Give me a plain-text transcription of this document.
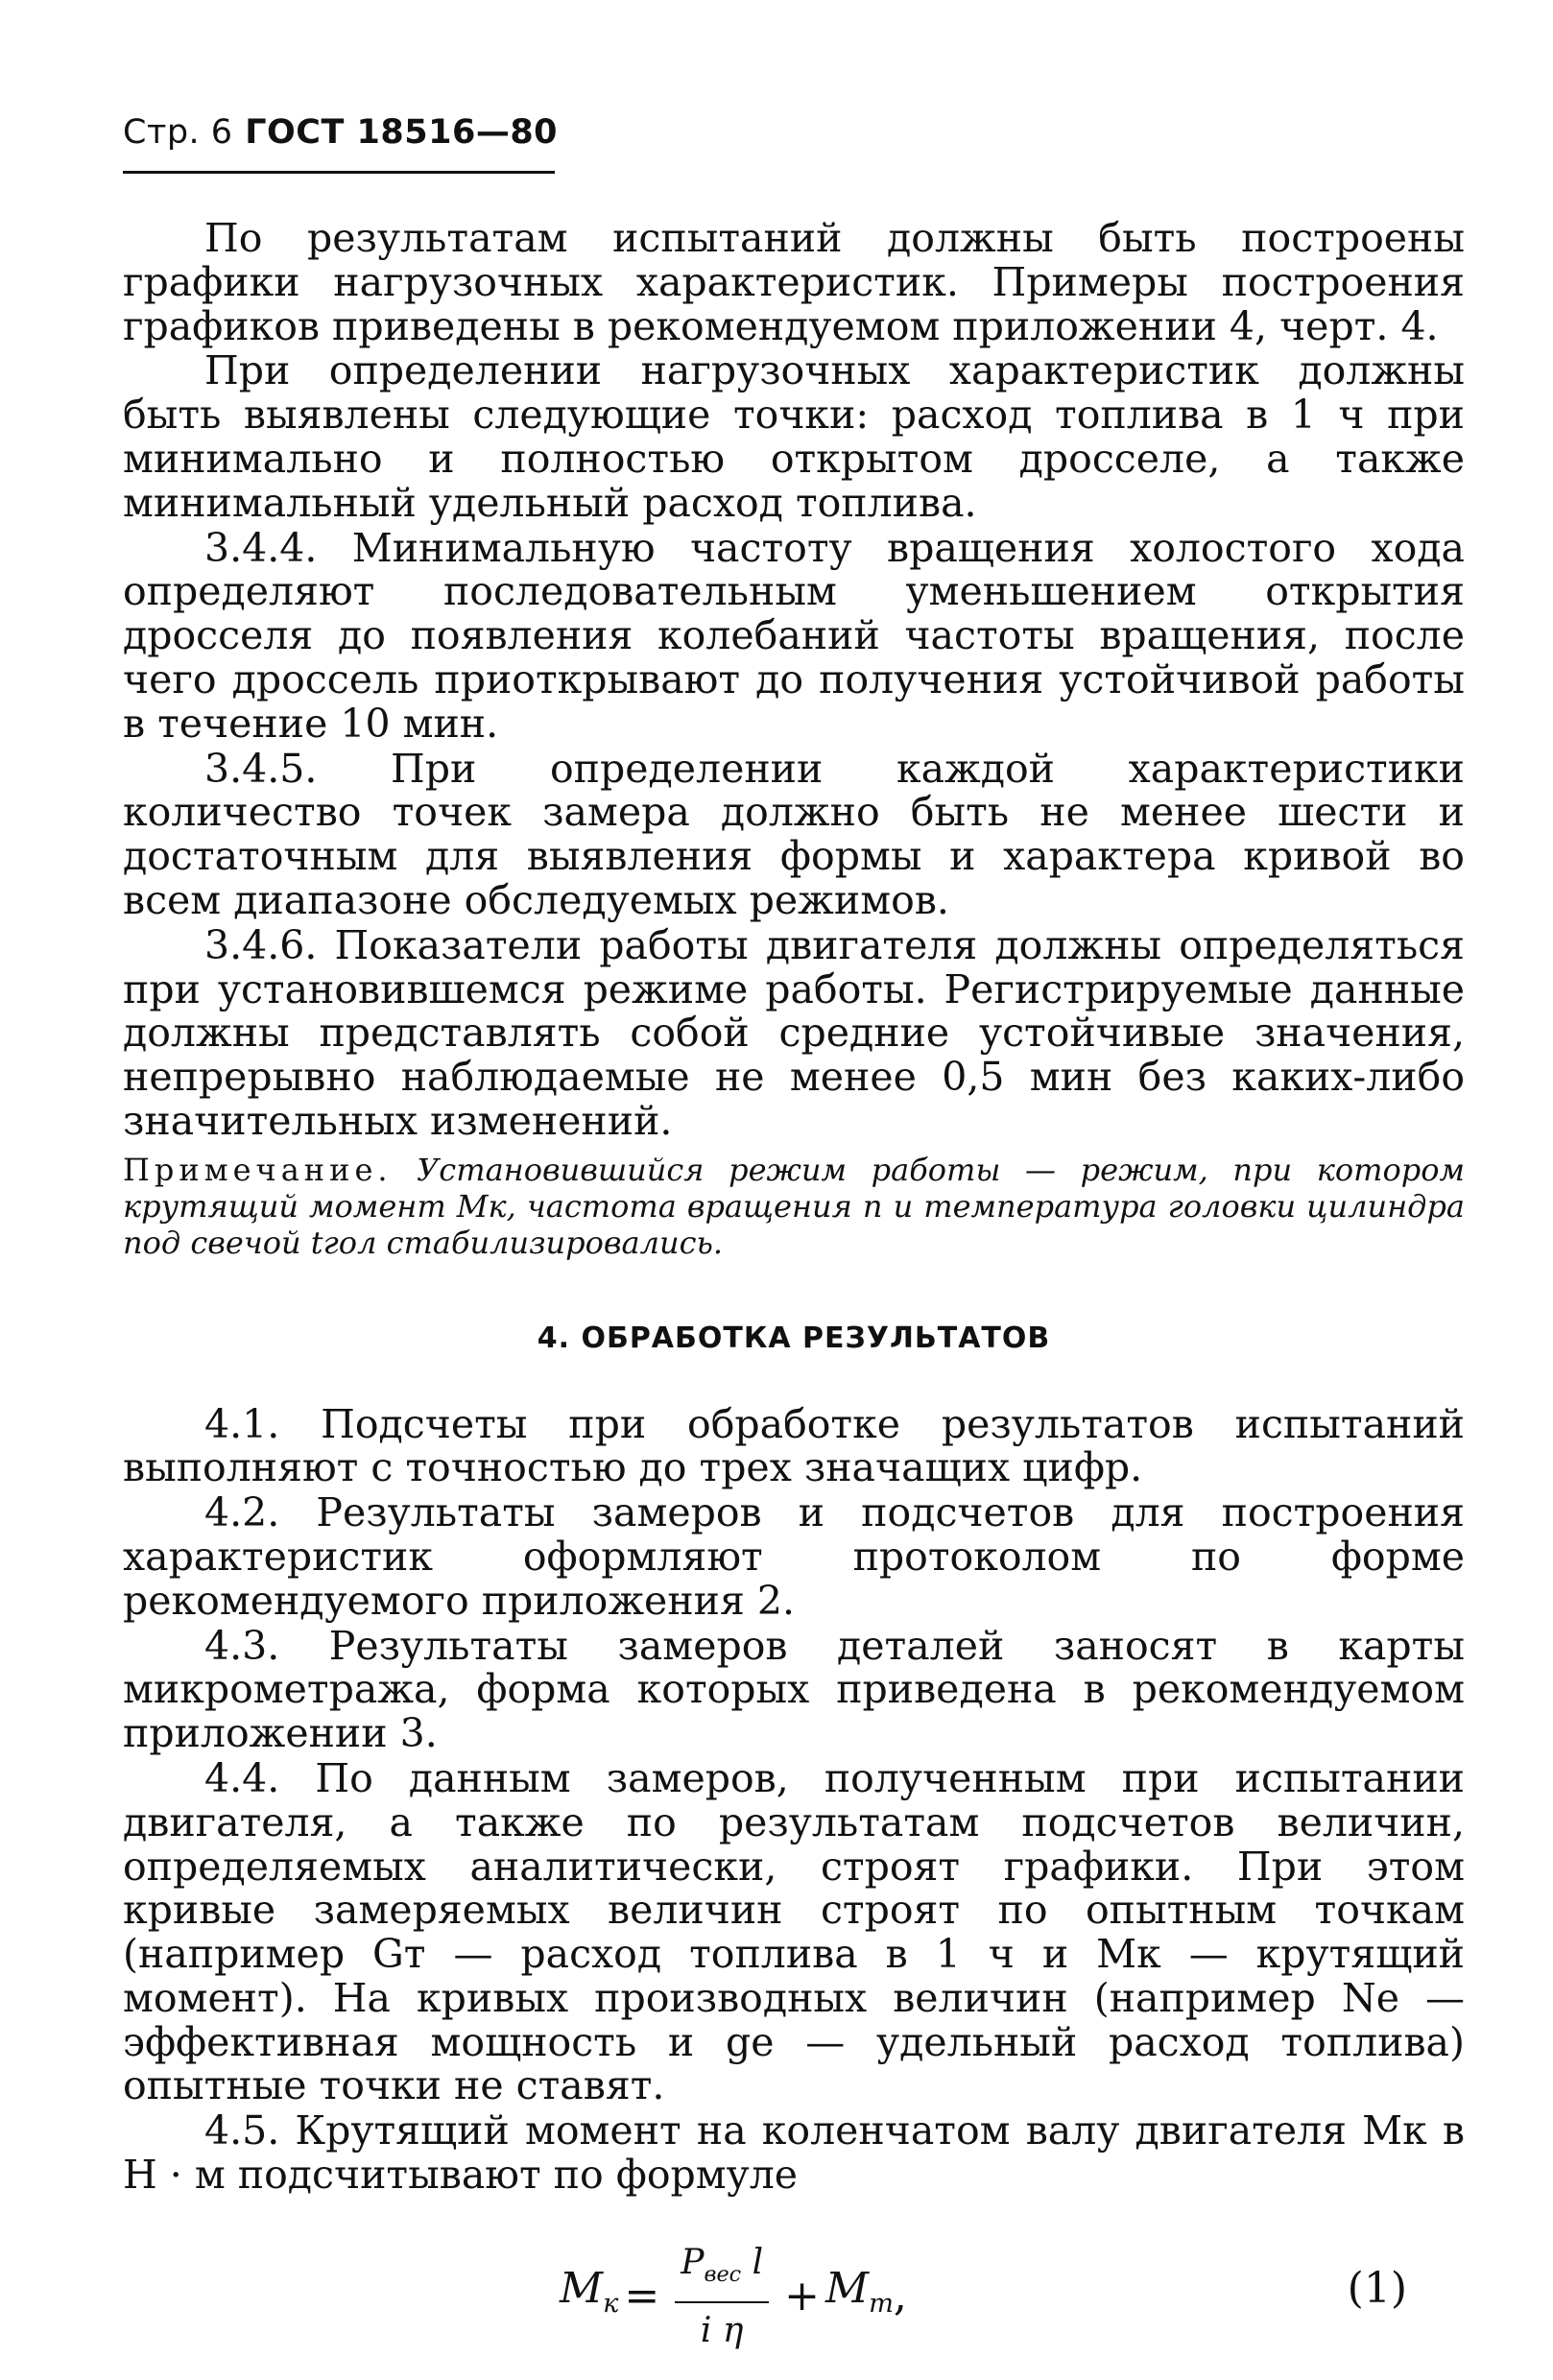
Стр. 6 ГОСТ 18516—80

По результатам испытаний должны быть построены графики нагрузочных характеристик. Примеры построения графиков приведены в рекомендуемом приложении 4, черт. 4.

При определении нагрузочных характеристик должны быть выявлены следующие точки: расход топлива в 1 ч при минимально и полностью открытом дросселе, а также минимальный удельный расход топлива.

3.4.4. Минимальную частоту вращения холостого хода определяют последовательным уменьшением открытия дросселя до появления колебаний частоты вращения, после чего дроссель приоткрывают до получения устойчивой работы в течение 10 мин.

3.4.5. При определении каждой характеристики количество точек замера должно быть не менее шести и достаточным для выявления формы и характера кривой во всем диапазоне обследуемых режимов.

3.4.6. Показатели работы двигателя должны определяться при установившемся режиме работы. Регистрируемые данные должны представлять собой средние устойчивые значения, непрерывно наблюдаемые не менее 0,5 мин без каких-либо значительных изменений.

Примечание. Установившийся режим работы — режим, при котором крутящий момент Мк, частота вращения n и температура головки цилиндра под свечой tгол стабилизировались.
4. ОБРАБОТКА РЕЗУЛЬТАТОВ

4.1. Подсчеты при обработке результатов испытаний выполняют с точностью до трех значащих цифр.

4.2. Результаты замеров и подсчетов для построения характеристик оформляют протоколом по форме рекомендуемого приложения 2.

4.3. Результаты замеров деталей заносят в карты микрометража, форма которых приведена в рекомендуемом приложении 3.

4.4. По данным замеров, полученным при испытании двигателя, а также по результатам подсчетов величин, определяемых аналитически, строят графики. При этом кривые замеряемых величин строят по опытным точкам (например Gт — расход топлива в 1 ч и Мк — крутящий момент). На кривых производных величин (например Ne — эффективная мощность и ge — удельный расход топлива) опытные точки не ставят.

4.5. Крутящий момент на коленчатом валу двигателя Мк в Н · м подсчитывают по формуле

$М_к = \frac{P_{вес} l}{\text{i η}} + М_т$ ,	(1)
